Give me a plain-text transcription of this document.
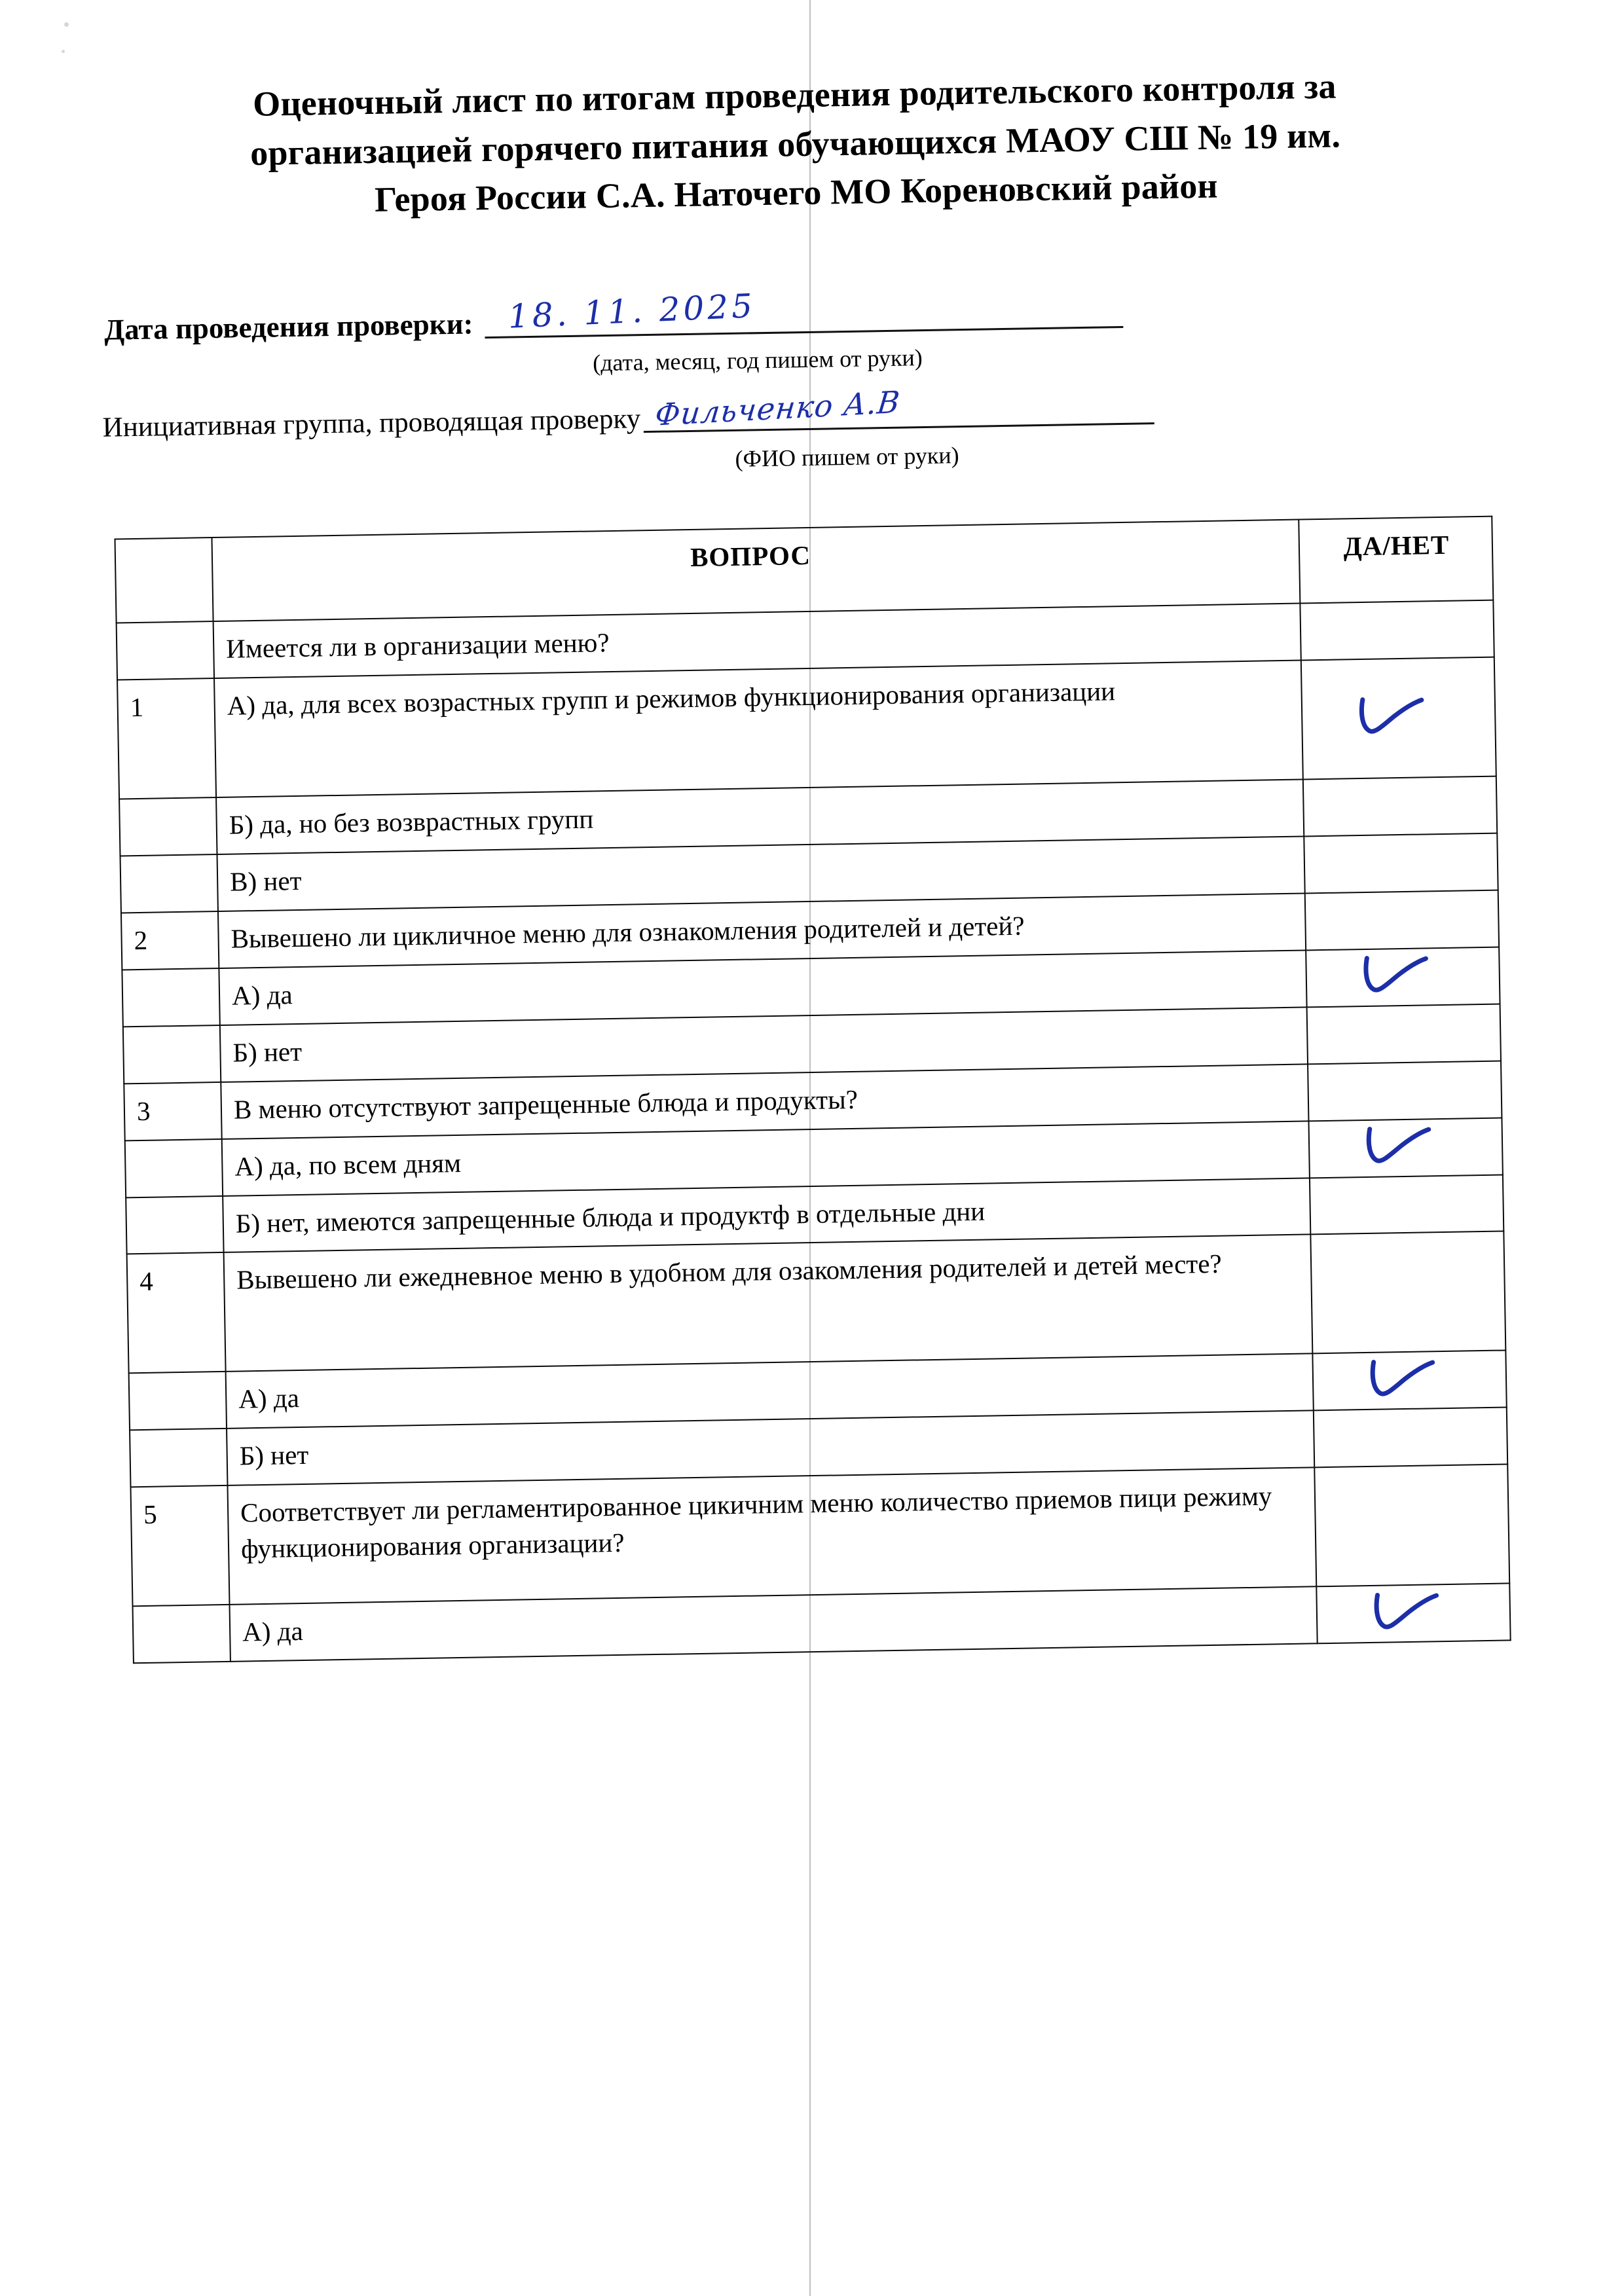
Оценочный лист по итогам проведения родительского контроля за
организацией горячего питания обучающихся МАОУ СШ № 19 им.
Героя России С.А. Наточего МО Кореновский район
Дата проведения проверки: 18. 11. 2025
(дата, месяц, год пишем от руки)
Инициативная группа, проводящая проверку Фильченко А.В
(ФИО пишем от руки)
	ВОПРОС	ДА/НЕТ
	Имеется ли в организации меню?	
1	А) да, для всех возрастных групп и режимов функционирования организации	

	Б) да, но без возврастных групп	
	В) нет	
2	Вывешено ли цикличное меню для ознакомления родителей и детей?	
	А) да	

	Б) нет	
3	В меню отсутствуют запрещенные блюда и продукты?	
	А) да, по всем дням	

	Б) нет, имеются запрещенные блюда и продуктф в отдельные дни	
4	Вывешено ли ежедневное меню в удобном для озакомления родителей и детей месте?	
	А) да	

	Б) нет	
5	Соответствует ли регламентированное цикичним меню количество приемов пици режиму функционирования организации?	
	А) да	
